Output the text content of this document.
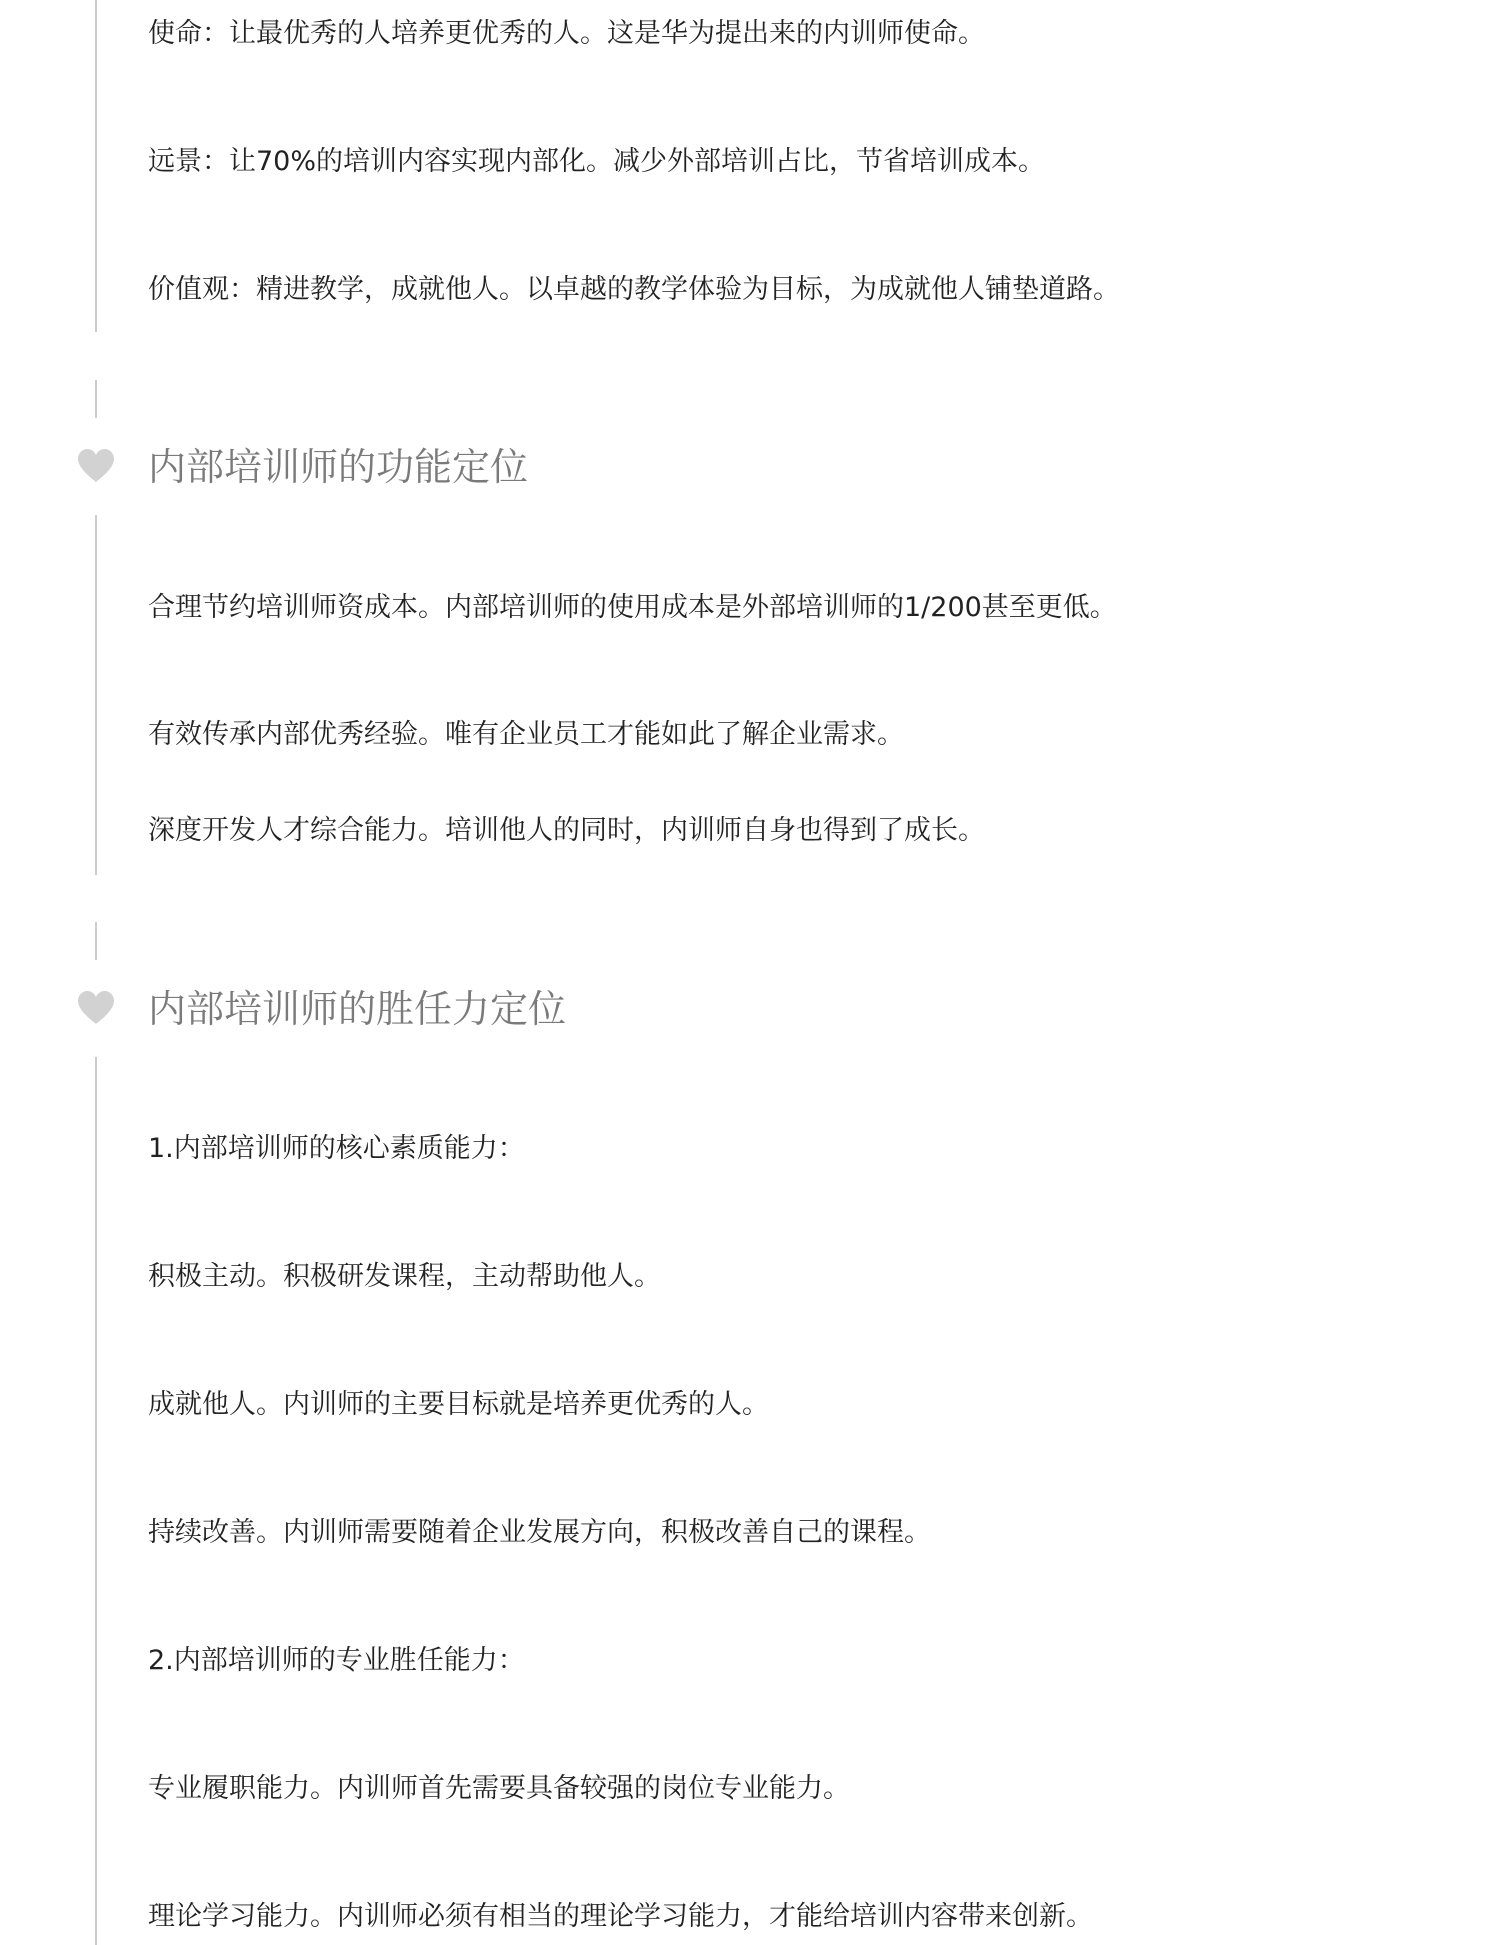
使命：让最优秀的人培养更优秀的人。这是华为提出来的内训师使命。

远景：让70%的培训内容实现内部化。减少外部培训占比，节省培训成本。

价值观：精进教学，成就他人。以卓越的教学体验为目标，为成就他人铺垫道路。

内部培训师的功能定位

合理节约培训师资成本。内部培训师的使用成本是外部培训师的1/200甚至更低。

有效传承内部优秀经验。唯有企业员工才能如此了解企业需求。

深度开发人才综合能力。培训他人的同时，内训师自身也得到了成长。

内部培训师的胜任力定位

1.内部培训师的核心素质能力：

积极主动。积极研发课程，主动帮助他人。

成就他人。内训师的主要目标就是培养更优秀的人。

持续改善。内训师需要随着企业发展方向，积极改善自己的课程。

2.内部培训师的专业胜任能力：

专业履职能力。内训师首先需要具备较强的岗位专业能力。

理论学习能力。内训师必须有相当的理论学习能力，才能给培训内容带来创新。
